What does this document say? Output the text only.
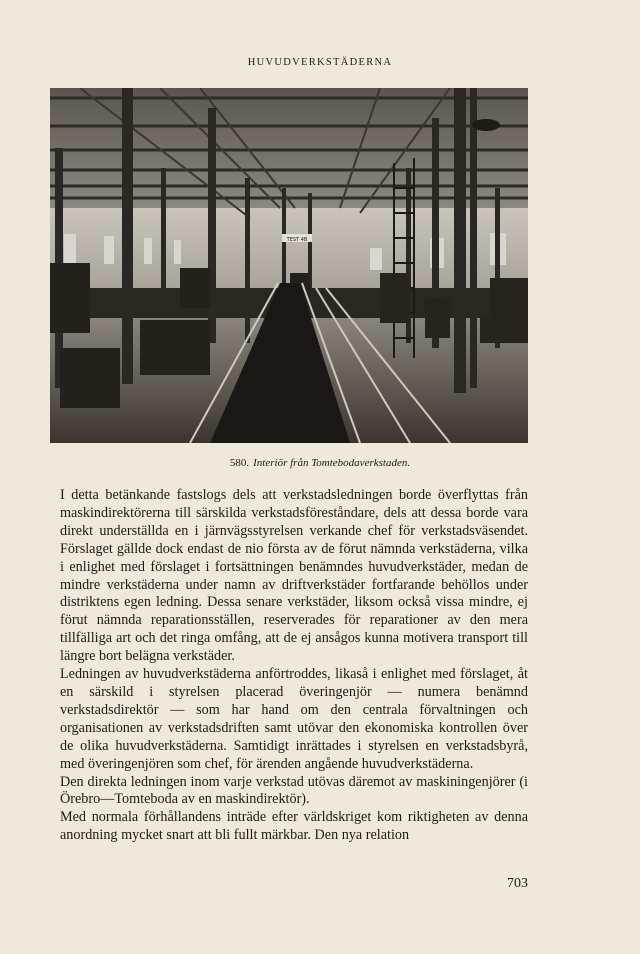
HUVUDVERKSTÄDERNA
TEST 4B
580. Interiör från Tomtebodaverkstaden.

I detta betänkande fastslogs dels att verkstadsledningen borde överflyttas från maskindirektörerna till särskilda verkstadsföreståndare, dels att dessa borde vara direkt underställda en i järnvägsstyrelsen verkande chef för verkstadsväsendet. Förslaget gällde dock endast de nio första av de förut nämnda verkstäderna, vilka i enlighet med förslaget i fortsättningen benämndes huvudverkstäder, medan de mindre verkstäderna under namn av driftverkstäder fortfarande behöllos under distriktens egen ledning. Dessa senare verkstäder, liksom också vissa mindre, ej förut nämnda reparationsställen, reserverades för reparationer av den mera tillfälliga art och det ringa omfång, att de ej ansågos kunna motivera transport till längre bort belägna verkstäder.

Ledningen av huvudverkstäderna anförtroddes, likaså i enlighet med förslaget, åt en särskild i styrelsen placerad överingenjör — numera benämnd verkstadsdirektör — som har hand om den centrala förvaltningen och organisationen av verkstadsdriften samt utövar den ekonomiska kontrollen över de olika huvudverkstäderna. Samtidigt inrättades i styrelsen en verkstadsbyrå, med överingenjören som chef, för ärenden angående huvudverkstäderna.

Den direkta ledningen inom varje verkstad utövas däremot av maskiningenjörer (i Örebro—Tomteboda av en maskindirektör).

Med normala förhållandens inträde efter världskriget kom riktigheten av denna anordning mycket snart att bli fullt märkbar. Den nya relation

703
